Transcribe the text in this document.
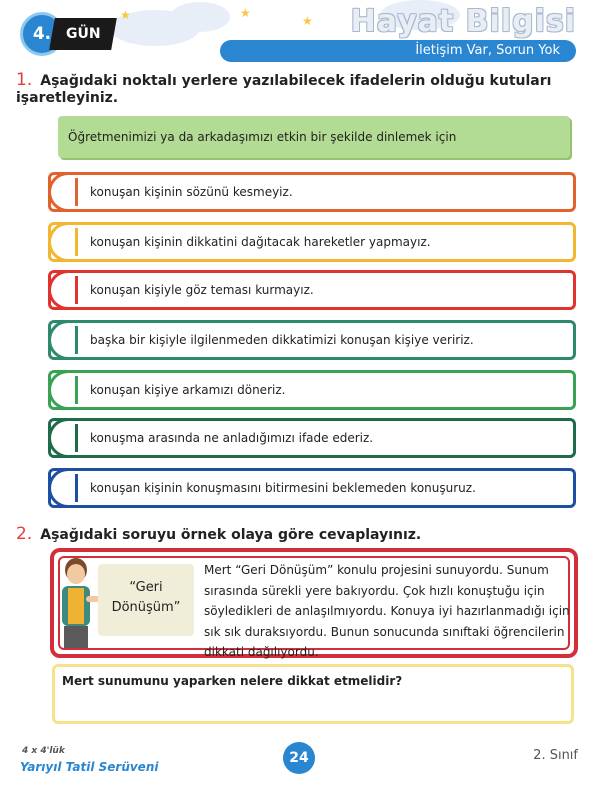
★	★
★
4. GÜN	Hayat Bilgisi
İletişim Var, Sorun Yok
1. Aşağıdaki noktalı yerlere yazılabilecek ifadelerin olduğu kutuları işaretleyiniz.
Öğretmenimizi ya da arkadaşımızı etkin bir şekilde dinlemek için
konuşan kişinin sözünü kesmeyiz.
konuşan kişinin dikkatini dağıtacak hareketler yapmayız.
konuşan kişiyle göz teması kurmayız.
başka bir kişiyle ilgilenmeden dikkatimizi konuşan kişiye veririz.
konuşan kişiye arkamızı döneriz.
konuşma arasında ne anladığımızı ifade ederiz.
konuşan kişinin konuşmasını bitirmesini beklemeden konuşuruz.
2. Aşağıdaki soruyu örnek olaya göre cevaplayınız.
“Geri
Dönüşüm”
Mert “Geri Dönüşüm” konulu projesini sunuyordu. Sunum sırasında sürekli yere bakıyordu. Çok hızlı konuştuğu için söyledikleri de anlaşılmıyordu. Konuya iyi hazırlanmadığı için sık sık duraksıyordu. Bunun sonucunda sınıftaki öğrencilerin dikkati dağılıyordu.
Mert sunumunu yaparken nelere dikkat etmelidir?
4 x 4'lük
Yarıyıl Tatil Serüveni
24	2. Sınıf
